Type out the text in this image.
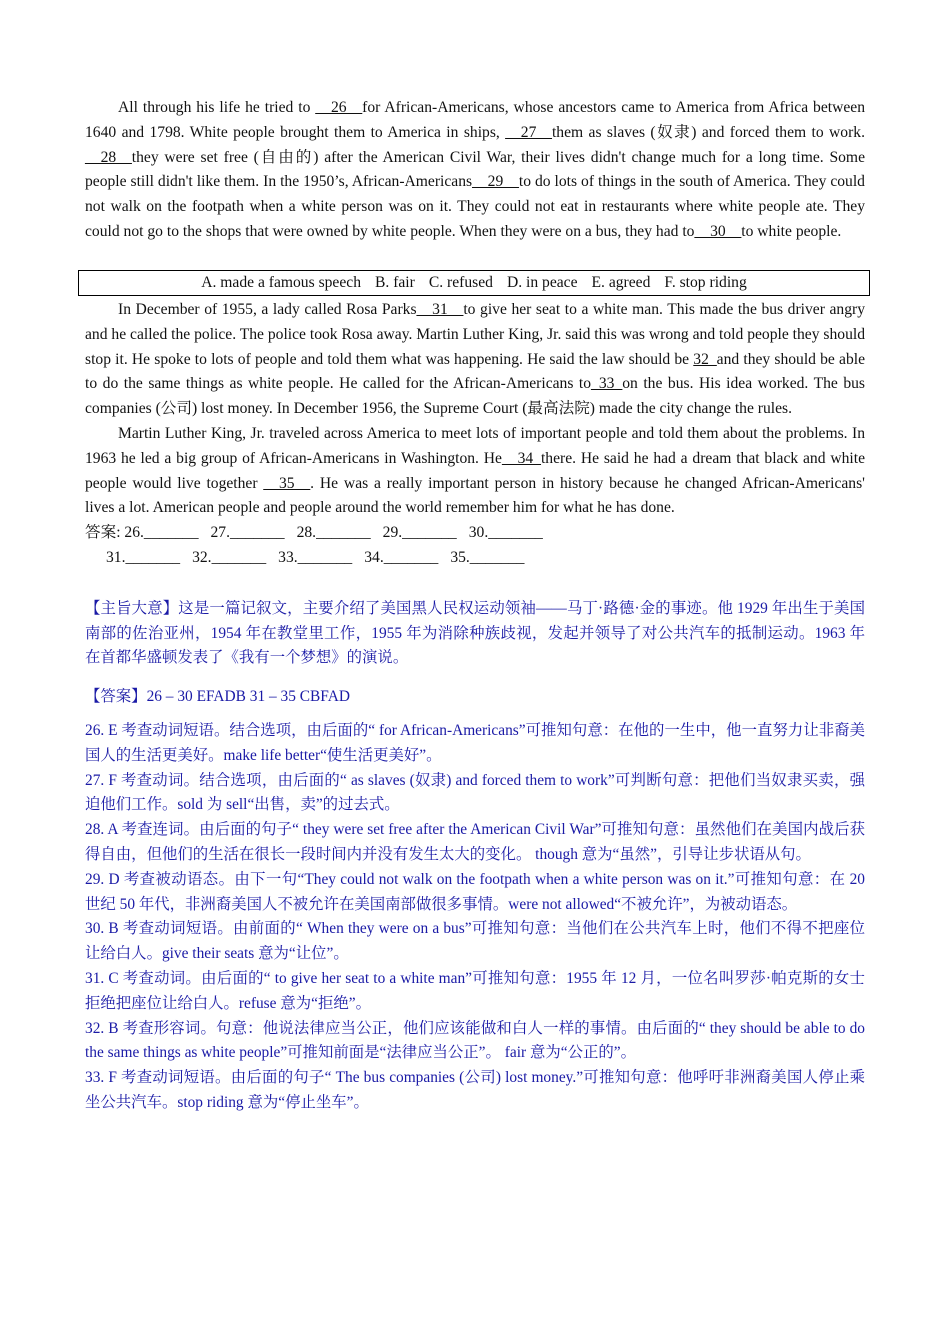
All through his life he tried to __26__for African-Americans, whose ancestors came to America from Africa between 1640 and 1798. White people brought them to America in ships, __27__them as slaves (奴隶) and forced them to work. __28__they were set free (自由的) after the American Civil War, their lives didn't change much for a long time. Some people still didn't like them. In the 1950’s, African-Americans__29__to do lots of things in the south of America. They could not walk on the footpath when a white person was on it. They could not eat in restaurants where white people ate. They could not go to the shops that were owned by white people. When they were on a bus, they had to__30__to white people.

In December of 1955, a lady called Rosa Parks__31__to give her seat to a white man. This made the bus driver angry and he called the police. The police took Rosa away. Martin Luther King, Jr. said this was wrong and told people they should stop it. He spoke to lots of people and told them what was happening. He said the law should be 32_and they should be able to do the same things as white people. He called for the African-Americans to_33_on the bus. His idea worked. The bus companies (公司) lost money. In December 1956, the Supreme Court (最高法院) made the city change the rules.

Martin Luther King, Jr. traveled across America to meet lots of important people and told them about the problems. In 1963 he led a big group of African-Americans in Washington. He__34_there. He said he had a dream that black and white people would live together __35__. He was a really important person in history because he changed African-Americans' lives a lot. American people and people around the world remember him for what he has done.

答案: 26._______ 27._______ 28._______ 29._______ 30._______
31._______ 32._______ 33._______ 34._______ 35._______

【主旨大意】这是一篇记叙文，主要介绍了美国黑人民权运动领袖——马丁·路德·金的事迹。他 1929 年出生于美国南部的佐治亚州，1954 年在教堂里工作，1955 年为消除种族歧视，发起并领导了对公共汽车的抵制运动。1963 年在首都华盛顿发表了《我有一个梦想》的演说。

【答案】26 – 30 EFADB 31 – 35 CBFAD

26. E 考查动词短语。结合选项，由后面的“ for African-Americans”可推知句意：在他的一生中，他一直努力让非裔美国人的生活更美好。make life better“使生活更美好”。

27. F 考查动词。结合选项，由后面的“ as slaves (奴隶) and forced them to work”可判断句意：把他们当奴隶买卖，强迫他们工作。sold 为 sell“出售，卖”的过去式。

28. A 考查连词。由后面的句子“ they were set free after the American Civil War”可推知句意：虽然他们在美国内战后获得自由，但他们的生活在很长一段时间内并没有发生太大的变化。 though 意为“虽然”，引导让步状语从句。

29. D 考查被动语态。由下一句“They could not walk on the footpath when a white person was on it.”可推知句意：在 20 世纪 50 年代，非洲裔美国人不被允许在美国南部做很多事情。were not allowed“不被允许”，为被动语态。

30. B 考查动词短语。由前面的“ When they were on a bus”可推知句意：当他们在公共汽车上时，他们不得不把座位让给白人。give their seats 意为“让位”。

31. C 考查动词。由后面的“ to give her seat to a white man”可推知句意：1955 年 12 月，一位名叫罗莎·帕克斯的女士拒绝把座位让给白人。refuse 意为“拒绝”。

32. B 考查形容词。句意：他说法律应当公正，他们应该能做和白人一样的事情。由后面的“ they should be able to do the same things as white people”可推知前面是“法律应当公正”。 fair 意为“公正的”。

33. F 考查动词短语。由后面的句子“ The bus companies (公司) lost money.”可推知句意：他呼吁非洲裔美国人停止乘坐公共汽车。stop riding 意为“停止坐车”。

A. made a famous speech B. fair C. refused D. in peace E. agreed F. stop riding
